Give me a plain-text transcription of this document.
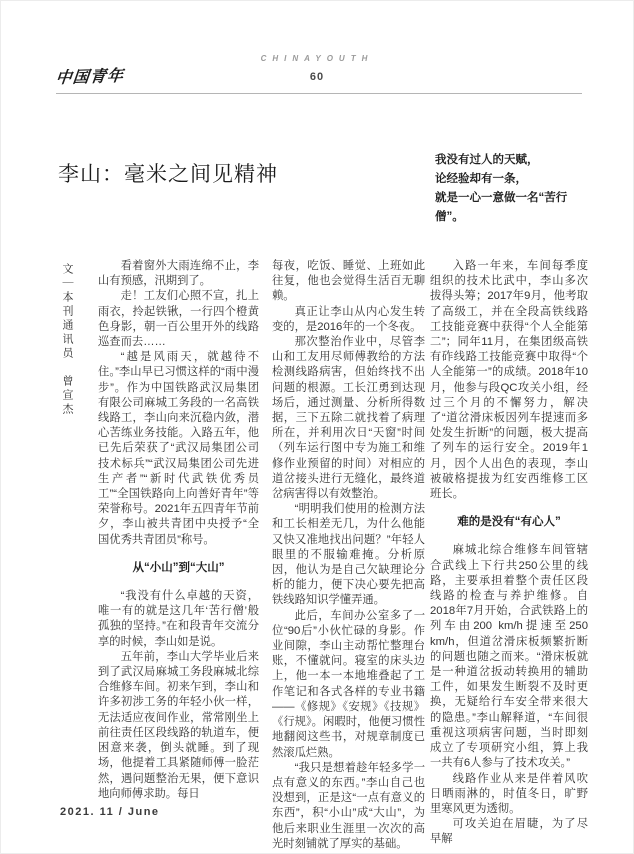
CHINAYOUTH
60
中国青年
李山：毫米之间见精神
我没有过人的天赋，
论经验却有一条，
就是一心一意做一名“苦行僧”。
文｜本刊通讯员　曾宣杰	看着窗外大雨连绵不止，李山有预感，汛期到了。

走！工友们心照不宣，扎上雨衣，拎起铁锹，一行四个橙黄色身影，朝一百公里开外的线路巡查而去……

“越是风雨天，就越待不住。”李山早已习惯这样的“雨中漫步”。作为中国铁路武汉局集团有限公司麻城工务段的一名高铁线路工，李山向来沉稳内敛，潜心苦练业务技能。入路五年，他已先后荣获了“武汉局集团公司技术标兵”“武汉局集团公司先进生产者”“新时代武铁优秀员工”“全国铁路向上向善好青年”等荣誉称号。2021年五四青年节前夕，李山被共青团中央授予“全国优秀共青团员”称号。

从“小山”到“大山”

“我没有什么卓越的天资，唯一有的就是这几年‘苦行僧’般孤独的坚持。”在和段青年交流分享的时候，李山如是说。

五年前，李山大学毕业后来到了武汉局麻城工务段麻城北综合维修车间。初来乍到，李山和许多初涉工务的年轻小伙一样，无法适应夜间作业，常常刚坐上前往责任区段线路的轨道车，便困意来袭，倒头就睡。到了现场，他提着工具紧随师傅一脸茫然，遇问题整治无果，便下意识地向师傅求助。每日

每夜，吃饭、睡觉、上班如此往复，他也会觉得生活百无聊赖。

真正让李山从内心发生转变的，是2016年的一个冬夜。

那次整治作业中，尽管李山和工友用尽师傅教给的方法检测线路病害，但始终找不出问题的根源。工长江勇到达现场后，通过测量、分析所得数据，三下五除二就找着了病理所在，并利用次日“天窗”时间（列车运行图中专为施工和维修作业预留的时间）对相应的道岔接头进行无缝化，最终道岔病害得以有效整治。

“明明我们使用的检测方法和工长相差无几，为什么他能又快又准地找出问题？”年轻人眼里的不服输难掩。分析原因，他认为是自己欠缺理论分析的能力，便下决心要先把高铁线路知识学懂弄通。

此后，车间办公室多了一位“90后”小伙忙碌的身影。作业间隙，李山主动帮忙整理台账，不懂就问。寝室的床头边上，他一本一本地堆叠起了工作笔记和各式各样的专业书籍——《修规》《安规》《技规》《行规》。闲暇时，他便习惯性地翻阅这些书，对规章制度已然滚瓜烂熟。

“我只是想着趁年轻多学一点有意义的东西。”李山自己也没想到，正是这“一点有意义的东西”，积“小山”成“大山”，为他后来职业生涯里一次次的高光时刻铺就了厚实的基础。

入路一年来，车间每季度组织的技术比武中，李山多次拔得头筹；2017年9月，他考取了高级工，并在全段高铁线路工技能竞赛中获得“个人全能第二”；同年11月，在集团级高铁有砟线路工技能竞赛中取得“个人全能第一”的成绩。2018年10月，他参与段QC攻关小组，经过三个月的不懈努力，解决了“道岔滑床板因列车提速而多处发生折断”的问题，极大提高了列车的运行安全。2019年1月，因个人出色的表现，李山被破格提拔为红安西维修工区班长。

难的是没有“有心人”

麻城北综合维修车间管辖合武线上下行共250公里的线路，主要承担着整个责任区段线路的检查与养护维修。自2018年7月开始，合武铁路上的列车由200 km/h提速至250 km/h，但道岔滑床板频繁折断的问题也随之而来。“滑床板就是一种道岔扳动转换用的辅助工件，如果发生断裂不及时更换，无疑给行车安全带来很大的隐患。”李山解释道，“车间很重视这项病害问题，当时即刻成立了专项研究小组，算上我一共有6人参与了技术攻关。”

线路作业从来是伴着风吹日晒雨淋的，时值冬日，旷野里寒风更为透彻。

可攻关迫在眉睫，为了尽早解

2021. 11 / June
